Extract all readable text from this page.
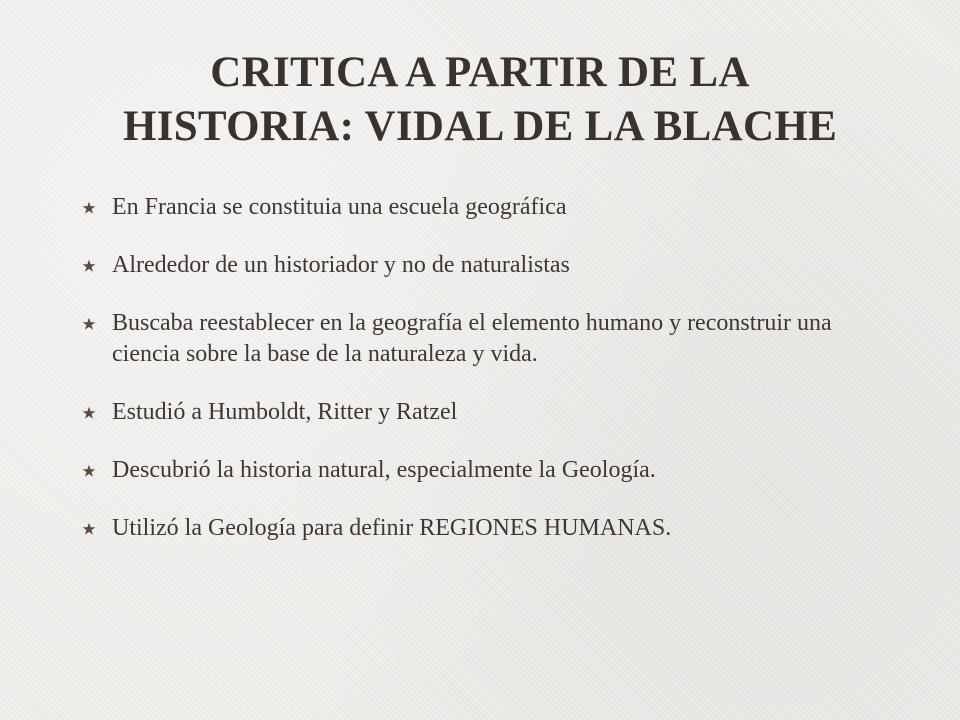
CRITICA A PARTIR DE LA
HISTORIA: VIDAL DE LA BLACHE
En Francia se constituia una escuela geográfica
Alrededor de un historiador y no de naturalistas
Buscaba reestablecer en la geografía el elemento humano y reconstruir una ciencia sobre la base de la naturaleza y vida.
Estudió a Humboldt, Ritter y Ratzel
Descubrió la historia natural, especialmente la Geología.
Utilizó la Geología para definir REGIONES HUMANAS.
